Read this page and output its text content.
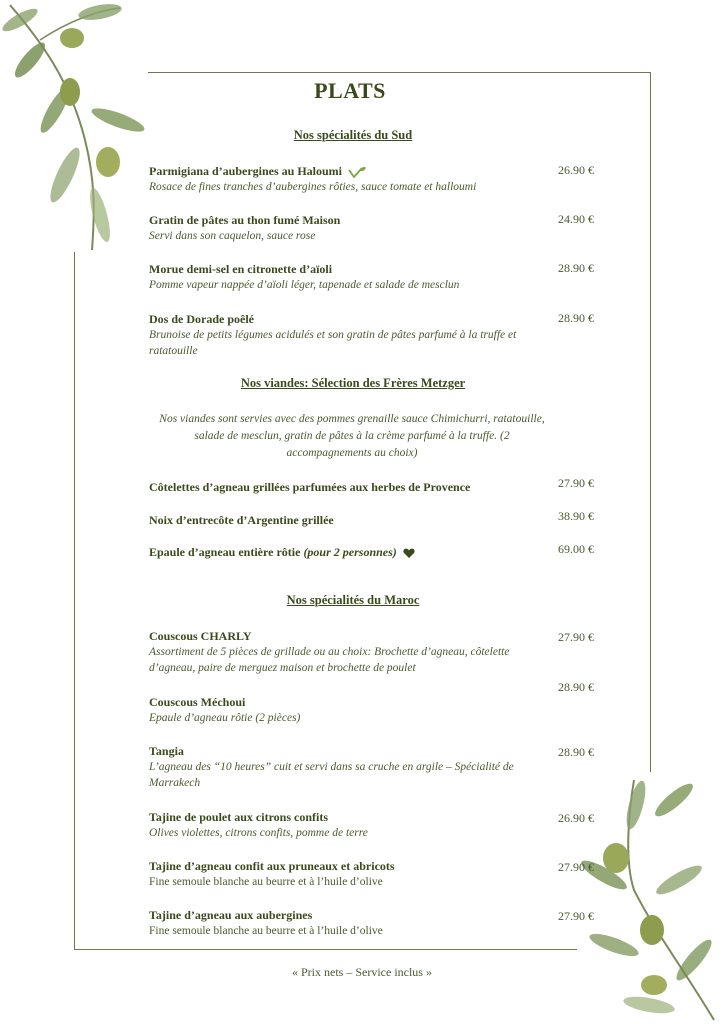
PLATS
Nos spécialités du Sud
Parmigiana d’aubergines au Haloumi
Rosace de fines tranches d’aubergines rôties, sauce tomate et halloumi
26.90 €
Gratin de pâtes au thon fumé Maison
Servi dans son caquelon, sauce rose
24.90 €
Morue demi-sel en citronette d’aïoli
Pomme vapeur nappée d’aïoli léger, tapenade et salade de mesclun
28.90 €
Dos de Dorade poêlé
Brunoise de petits légumes acidulés et son gratin de pâtes parfumé à la truffe et ratatouille
28.90 €
Nos viandes: Sélection des Frères Metzger
Nos viandes sont servies avec des pommes grenaille sauce Chimichurri, ratatouille, salade de mesclun, gratin de pâtes à la crème parfumé à la truffe. (2 accompagnements au choix)
Côtelettes d’agneau grillées parfumées aux herbes de Provence	27.90 €
Noix d’entrecôte d’Argentine grillée	38.90 €
Epaule d’agneau entière rôtie (pour 2 personnes)	69.00 €
Nos spécialités du Maroc
Couscous CHARLY
Assortiment de 5 pièces de grillade ou au choix: Brochette d’agneau, côtelette d’agneau, paire de merguez maison et brochette de poulet
27.90 €
Couscous Méchoui
Epaule d’agneau rôtie (2 pièces)
28.90 €
Tangia
L’agneau des “10 heures” cuit et servi dans sa cruche en argile – Spécialité de Marrakech
28.90 €
Tajine de poulet aux citrons confits
Olives violettes, citrons confits, pomme de terre
26.90 €
Tajine d’agneau confit aux pruneaux et abricots
Fine semoule blanche au beurre et à l’huile d’olive
27.90 €
Tajine d’agneau aux aubergines
Fine semoule blanche au beurre et à l’huile d’olive
27.90 €
« Prix nets – Service inclus »
